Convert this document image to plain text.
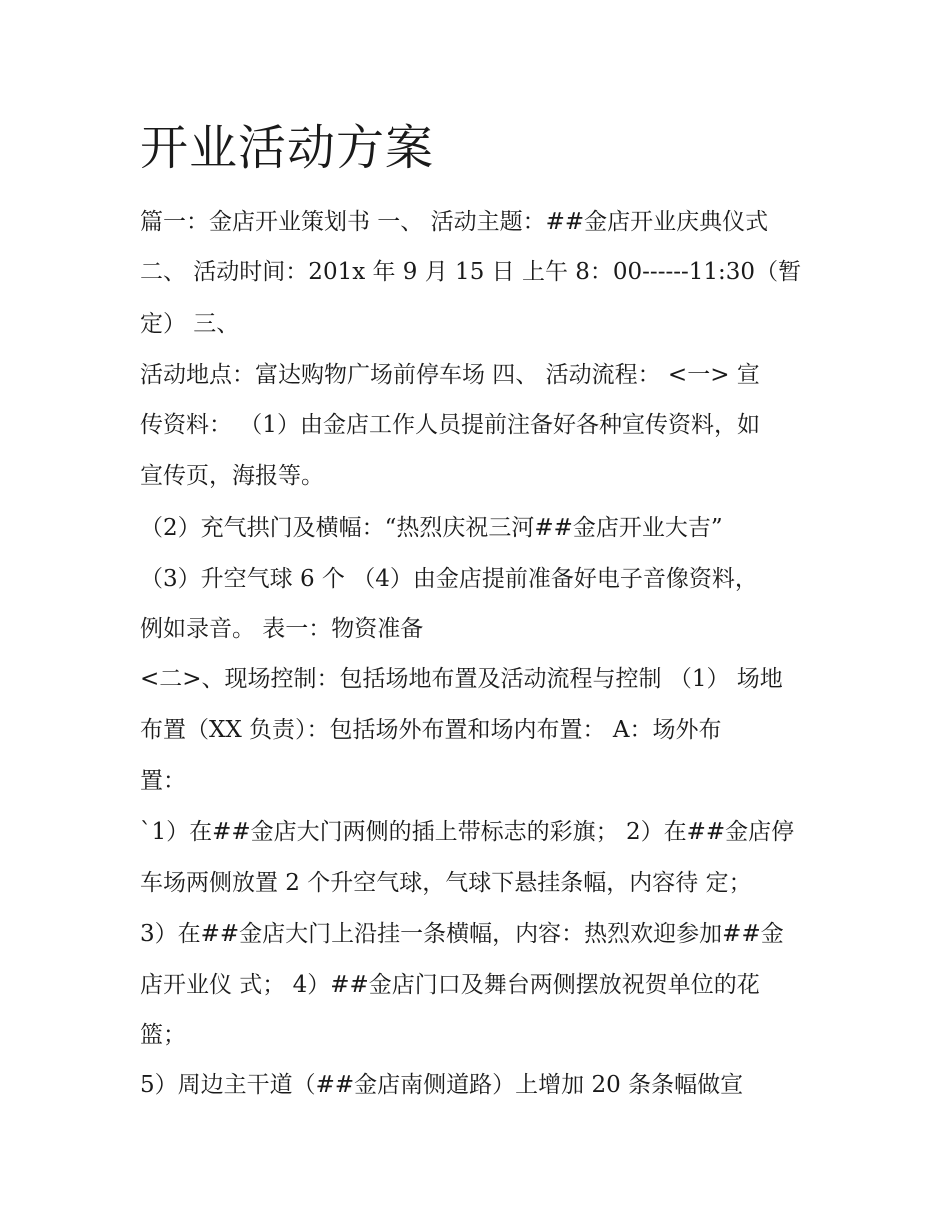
开业活动方案

篇一：金店开业策划书 一、 活动主题：##金店开业庆典仪式

二、 活动时间：201x 年 9 月 15 日 上午 8：00------11:30（暂

定） 三、

活动地点：富达购物广场前停车场 四、 活动流程： <一> 宣

传资料： （1）由金店工作人员提前注备好各种宣传资料，如

宣传页，海报等。

（2）充气拱门及横幅：“热烈庆祝三河##金店开业大吉”

（3）升空气球 6 个 （4）由金店提前准备好电子音像资料，

例如录音。 表一：物资准备

<二>、现场控制：包括场地布置及活动流程与控制 （1） 场地

布置（XX 负责）：包括场外布置和场内布置： A：场外布

置：

`1）在##金店大门两侧的插上带标志的彩旗； 2）在##金店停

车场两侧放置 2 个升空气球，气球下悬挂条幅，内容待 定；

3）在##金店大门上沿挂一条横幅，内容：热烈欢迎参加##金

店开业仪 式； 4）##金店门口及舞台两侧摆放祝贺单位的花

篮；

5）周边主干道（##金店南侧道路）上增加 20 条条幅做宣
